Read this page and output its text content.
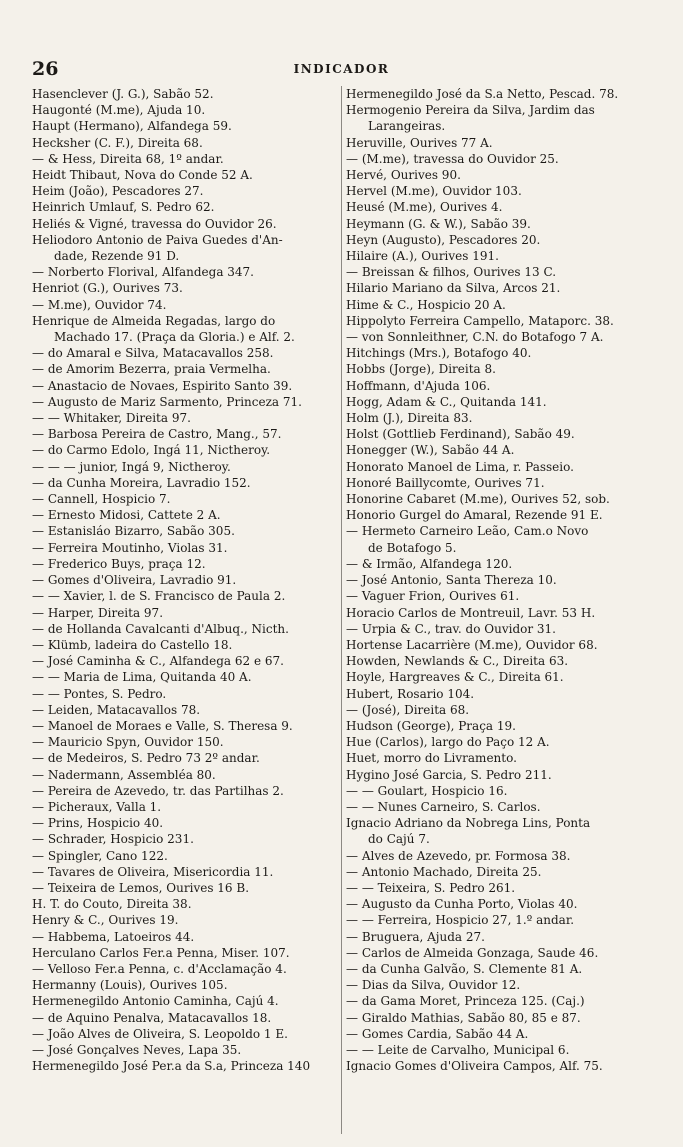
26	INDICADOR
Hasenclever (J. G.), Sabão 52.
Haugonté (M.me), Ajuda 10.
Haupt (Hermano), Alfandega 59.
Hecksher (C. F.), Direita 68.
— & Hess, Direita 68, 1º andar.
Heidt Thibaut, Nova do Conde 52 A.
Heim (João), Pescadores 27.
Heinrich Umlauf, S. Pedro 62.
Heliés & Vigné, travessa do Ouvidor 26.
Heliodoro Antonio de Paiva Guedes d'An-
dade, Rezende 91 D.
— Norberto Florival, Alfandega 347.
Henriot (G.), Ourives 73.
— M.me), Ouvidor 74.
Henrique de Almeida Regadas, largo do
Machado 17. (Praça da Gloria.) e Alf. 2.
— do Amaral e Silva, Matacavallos 258.
— de Amorim Bezerra, praia Vermelha.
— Anastacio de Novaes, Espirito Santo 39.
— Augusto de Mariz Sarmento, Princeza 71.
— — Whitaker, Direita 97.
— Barbosa Pereira de Castro, Mang., 57.
— do Carmo Edolo, Ingá 11, Nictheroy.
— — — junior, Ingá 9, Nictheroy.
— da Cunha Moreira, Lavradio 152.
— Cannell, Hospicio 7.
— Ernesto Midosi, Cattete 2 A.
— Estanisláo Bizarro, Sabão 305.
— Ferreira Moutinho, Violas 31.
— Frederico Buys, praça 12.
— Gomes d'Oliveira, Lavradio 91.
— — Xavier, l. de S. Francisco de Paula 2.
— Harper, Direita 97.
— de Hollanda Cavalcanti d'Albuq., Nicth.
— Klümb, ladeira do Castello 18.
— José Caminha & C., Alfandega 62 e 67.
— — Maria de Lima, Quitanda 40 A.
— — Pontes, S. Pedro.
— Leiden, Matacavallos 78.
— Manoel de Moraes e Valle, S. Theresa 9.
— Mauricio Spyn, Ouvidor 150.
— de Medeiros, S. Pedro 73 2º andar.
— Nadermann, Assembléa 80.
— Pereira de Azevedo, tr. das Partilhas 2.
— Picheraux, Valla 1.
— Prins, Hospicio 40.
— Schrader, Hospicio 231.
— Spingler, Cano 122.
— Tavares de Oliveira, Misericordia 11.
— Teixeira de Lemos, Ourives 16 B.
H. T. do Couto, Direita 38.
Henry & C., Ourives 19.
— Habbema, Latoeiros 44.
Herculano Carlos Fer.a Penna, Miser. 107.
— Velloso Fer.a Penna, c. d'Acclamação 4.
Hermanny (Louis), Ourives 105.
Hermenegildo Antonio Caminha, Cajú 4.
— de Aquino Penalva, Matacavallos 18.
— João Alves de Oliveira, S. Leopoldo 1 E.
— José Gonçalves Neves, Lapa 35.
Hermenegildo José Per.a da S.a, Princeza 140
Hermenegildo José da S.a Netto, Pescad. 78.
Hermogenio Pereira da Silva, Jardim das
Larangeiras.
Heruville, Ourives 77 A.
— (M.me), travessa do Ouvidor 25.
Hervé, Ourives 90.
Hervel (M.me), Ouvidor 103.
Heusé (M.me), Ourives 4.
Heymann (G. & W.), Sabão 39.
Heyn (Augusto), Pescadores 20.
Hilaire (A.), Ourives 191.
— Breissan & filhos, Ourives 13 C.
Hilario Mariano da Silva, Arcos 21.
Hime & C., Hospicio 20 A.
Hippolyto Ferreira Campello, Mataporc. 38.
— von Sonnleithner, C.N. do Botafogo 7 A.
Hitchings (Mrs.), Botafogo 40.
Hobbs (Jorge), Direita 8.
Hoffmann, d'Ajuda 106.
Hogg, Adam & C., Quitanda 141.
Holm (J.), Direita 83.
Holst (Gottlieb Ferdinand), Sabão 49.
Honegger (W.), Sabão 44 A.
Honorato Manoel de Lima, r. Passeio.
Honoré Baillycomte, Ourives 71.
Honorine Cabaret (M.me), Ourives 52, sob.
Honorio Gurgel do Amaral, Rezende 91 E.
— Hermeto Carneiro Leão, Cam.o Novo
de Botafogo 5.
— & Irmão, Alfandega 120.
— José Antonio, Santa Thereza 10.
— Vaguer Frion, Ourives 61.
Horacio Carlos de Montreuil, Lavr. 53 H.
— Urpia & C., trav. do Ouvidor 31.
Hortense Lacarrière (M.me), Ouvidor 68.
Howden, Newlands & C., Direita 63.
Hoyle, Hargreaves & C., Direita 61.
Hubert, Rosario 104.
— (José), Direita 68.
Hudson (George), Praça 19.
Hue (Carlos), largo do Paço 12 A.
Huet, morro do Livramento.
Hygino José Garcia, S. Pedro 211.
— — Goulart, Hospicio 16.
— — Nunes Carneiro, S. Carlos.
Ignacio Adriano da Nobrega Lins, Ponta
do Cajú 7.
— Alves de Azevedo, pr. Formosa 38.
— Antonio Machado, Direita 25.
— — Teixeira, S. Pedro 261.
— Augusto da Cunha Porto, Violas 40.
— — Ferreira, Hospicio 27, 1.º andar.
— Bruguera, Ajuda 27.
— Carlos de Almeida Gonzaga, Saude 46.
— da Cunha Galvão, S. Clemente 81 A.
— Dias da Silva, Ouvidor 12.
— da Gama Moret, Princeza 125. (Caj.)
— Giraldo Mathias, Sabão 80, 85 e 87.
— Gomes Cardia, Sabão 44 A.
— — Leite de Carvalho, Municipal 6.
Ignacio Gomes d'Oliveira Campos, Alf. 75.
